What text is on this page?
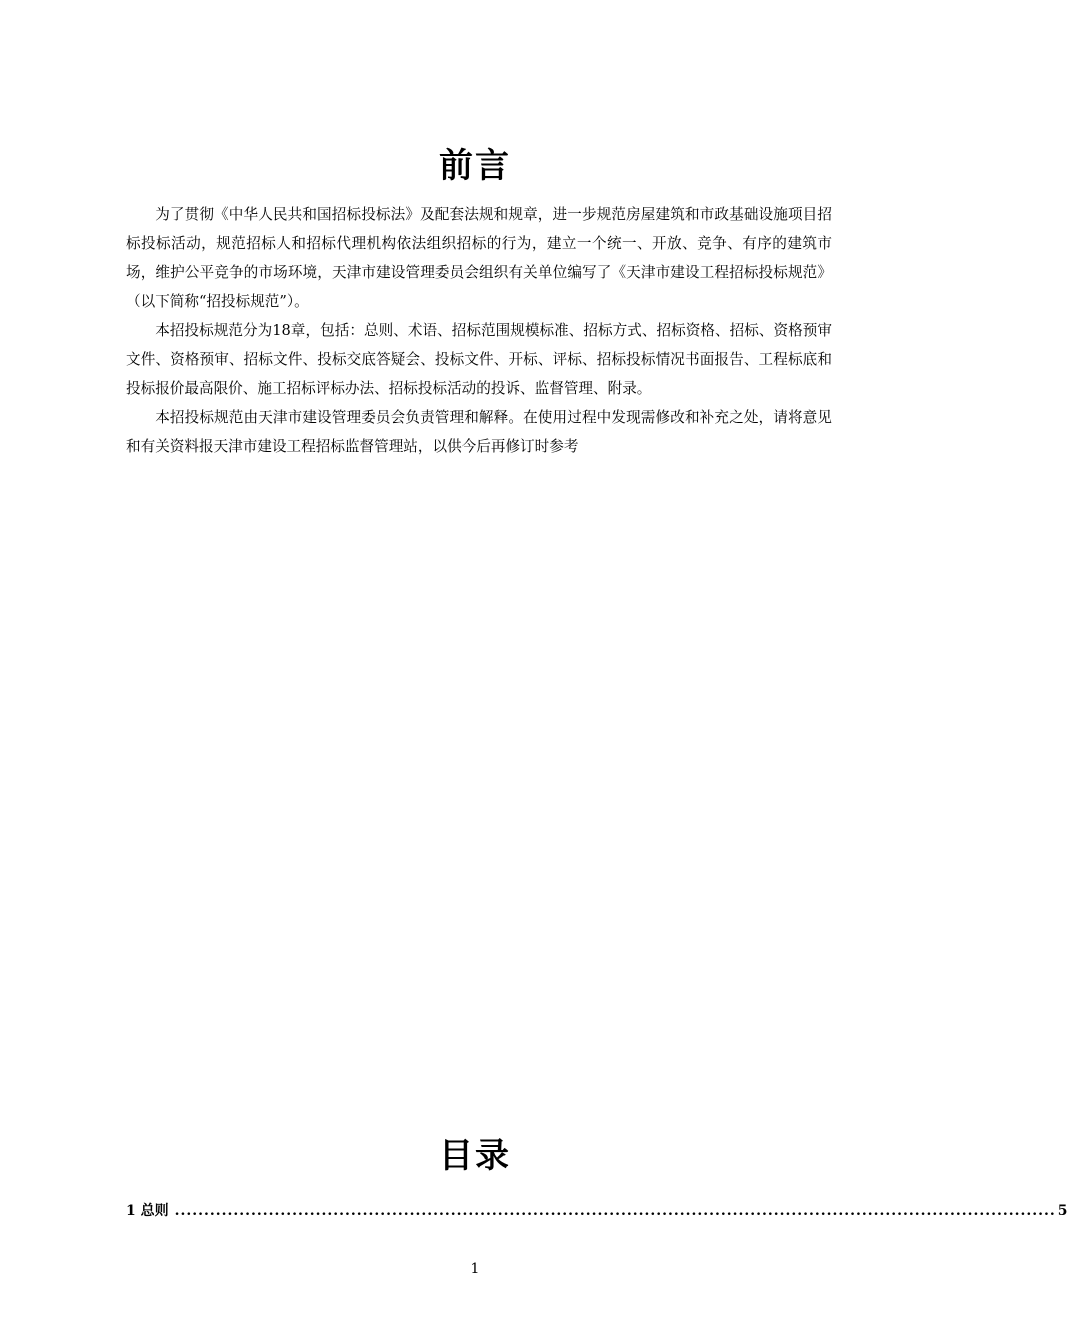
前言

为了贯彻《中华人民共和国招标投标法》及配套法规和规章，进一步规范房屋建筑和市政基础设施项目招标投标活动，规范招标人和招标代理机构依法组织招标的行为，建立一个统一、开放、竞争、有序的建筑市场，维护公平竞争的市场环境，天津市建设管理委员会组织有关单位编写了《天津市建设工程招标投标规范》（以下简称“招投标规范”）。

本招投标规范分为18章，包括：总则、术语、招标范围规模标准、招标方式、招标资格、招标、资格预审文件、资格预审、招标文件、投标交底答疑会、投标文件、开标、评标、招标投标情况书面报告、工程标底和投标报价最高限价、施工招标评标办法、招标投标活动的投诉、监督管理、附录。

本招投标规范由天津市建设管理委员会负责管理和解释。在使用过程中发现需修改和补充之处，请将意见和有关资料报天津市建设工程招标监督管理站，以供今后再修订时参考

目录
1 总则 ...................................................................................................................................................... 5
1
